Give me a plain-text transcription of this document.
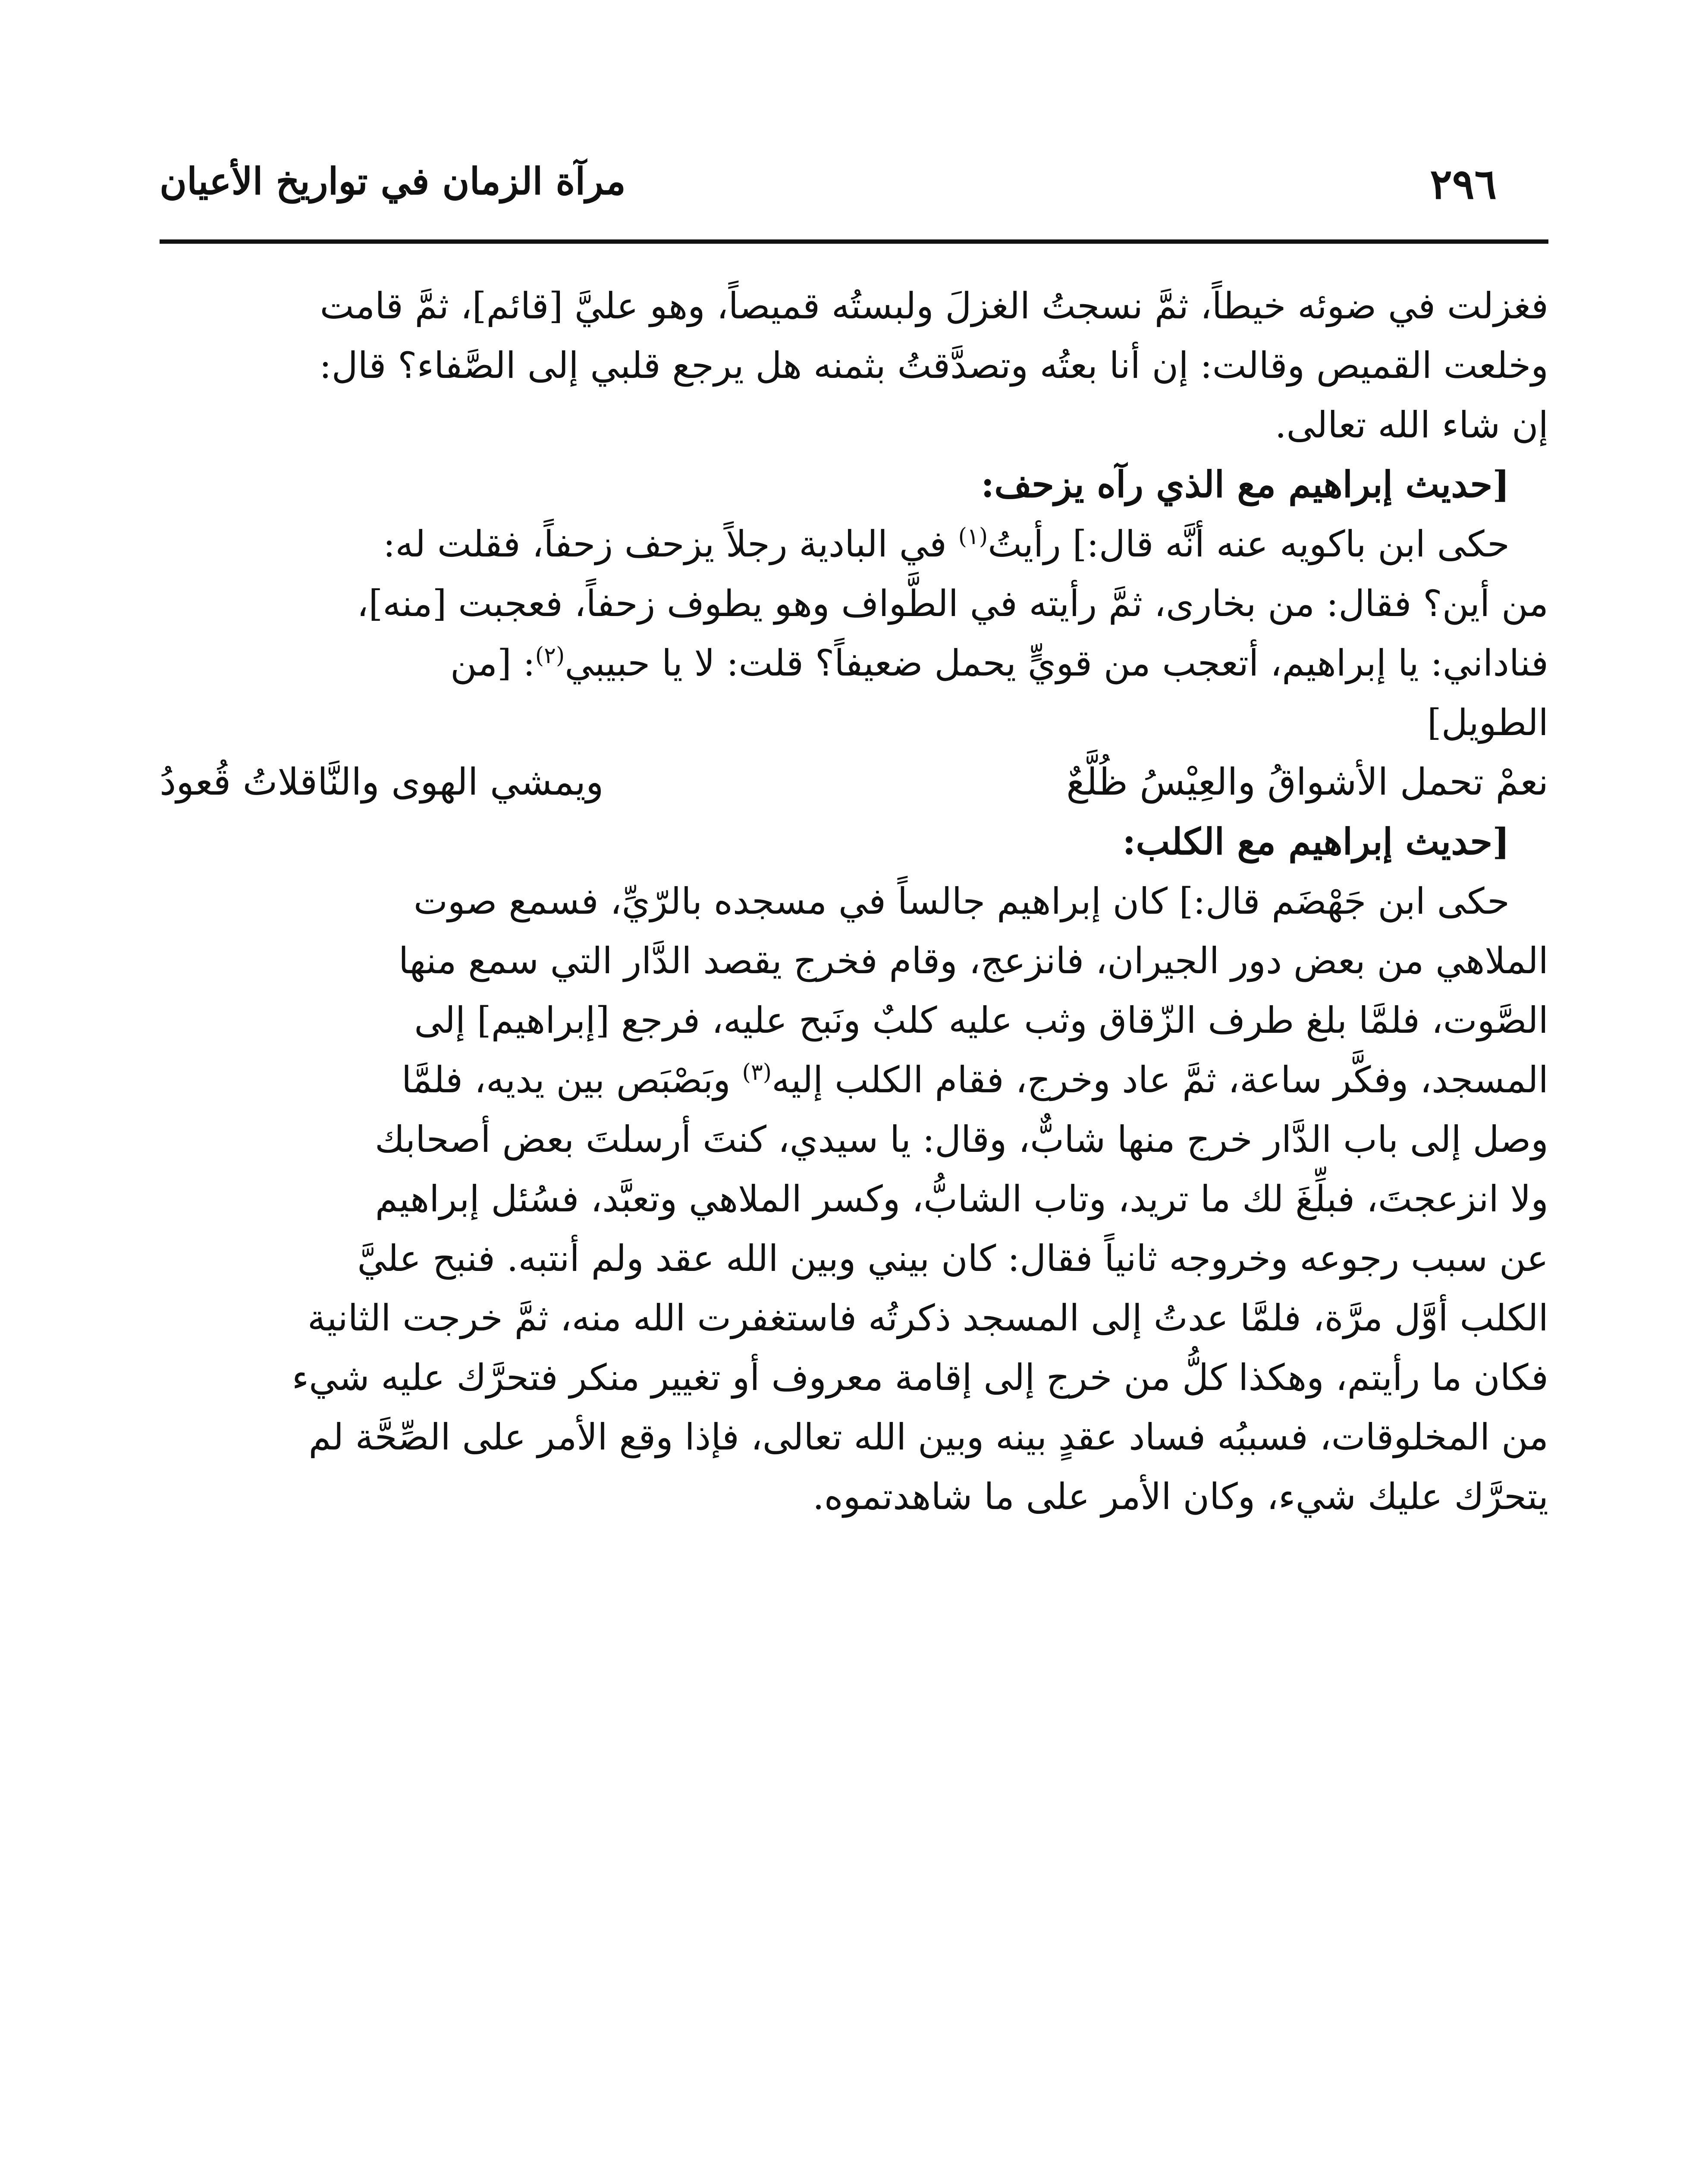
٢٩٦
مرآة الزمان في تواريخ الأعيان

فغزلت في ضوئه خيطاً، ثمَّ نسجتُ الغزلَ ولبستُه قميصاً، وهو عليَّ [قائم]، ثمَّ قامت

وخلعت القميص وقالت: إن أنا بعتُه وتصدَّقتُ بثمنه هل يرجع قلبي إلى الصَّفاء؟ قال:

إن شاء الله تعالى.

[حديث إبراهيم مع الذي رآه يزحف:

حكى ابن باكويه عنه أنَّه قال:] رأيتُ$^{(١)}$ في البادية رجلاً يزحف زحفاً، فقلت له:

من أين؟ فقال: من بخارى، ثمَّ رأيته في الطَّواف وهو يطوف زحفاً، فعجبت [منه]،

فناداني: يا إبراهيم، أتعجب من قويٍّ يحمل ضعيفاً؟ قلت: لا يا حبيبي$^{(٢)}$: [من

الطويل]

نعمْ تحمل الأشواقُ والعِيْسُ ظُلَّعٌ
ويمشي الهوى والنَّاقلاتُ قُعودُ

[حديث إبراهيم مع الكلب:

حكى ابن جَهْضَم قال:] كان إبراهيم جالساً في مسجده بالرّيِّ، فسمع صوت

الملاهي من بعض دور الجيران، فانزعج، وقام فخرج يقصد الدَّار التي سمع منها

الصَّوت، فلمَّا بلغ طرف الزّقاق وثب عليه كلبٌ ونَبح عليه، فرجع [إبراهيم] إلى

المسجد، وفكَّر ساعة، ثمَّ عاد وخرج، فقام الكلب إليه$^{(٣)}$ وبَصْبَص بين يديه، فلمَّا

وصل إلى باب الدَّار خرج منها شابٌّ، وقال: يا سيدي، كنتَ أرسلتَ بعض أصحابك

ولا انزعجتَ، فبلِّغَ لك ما تريد، وتاب الشابُّ، وكسر الملاهي وتعبَّد، فسُئل إبراهيم

عن سبب رجوعه وخروجه ثانياً فقال: كان بيني وبين الله عقد ولم أنتبه. فنبح عليَّ

الكلب أوَّل مرَّة، فلمَّا عدتُ إلى المسجد ذكرتُه فاستغفرت الله منه، ثمَّ خرجت الثانية

فكان ما رأيتم، وهكذا كلُّ من خرج إلى إقامة معروف أو تغيير منكر فتحرَّك عليه شيء

من المخلوقات، فسببُه فساد عقدٍ بينه وبين الله تعالى، فإذا وقع الأمر على الصِّحَّة لم

يتحرَّك عليك شيء، وكان الأمر على ما شاهدتموه.
